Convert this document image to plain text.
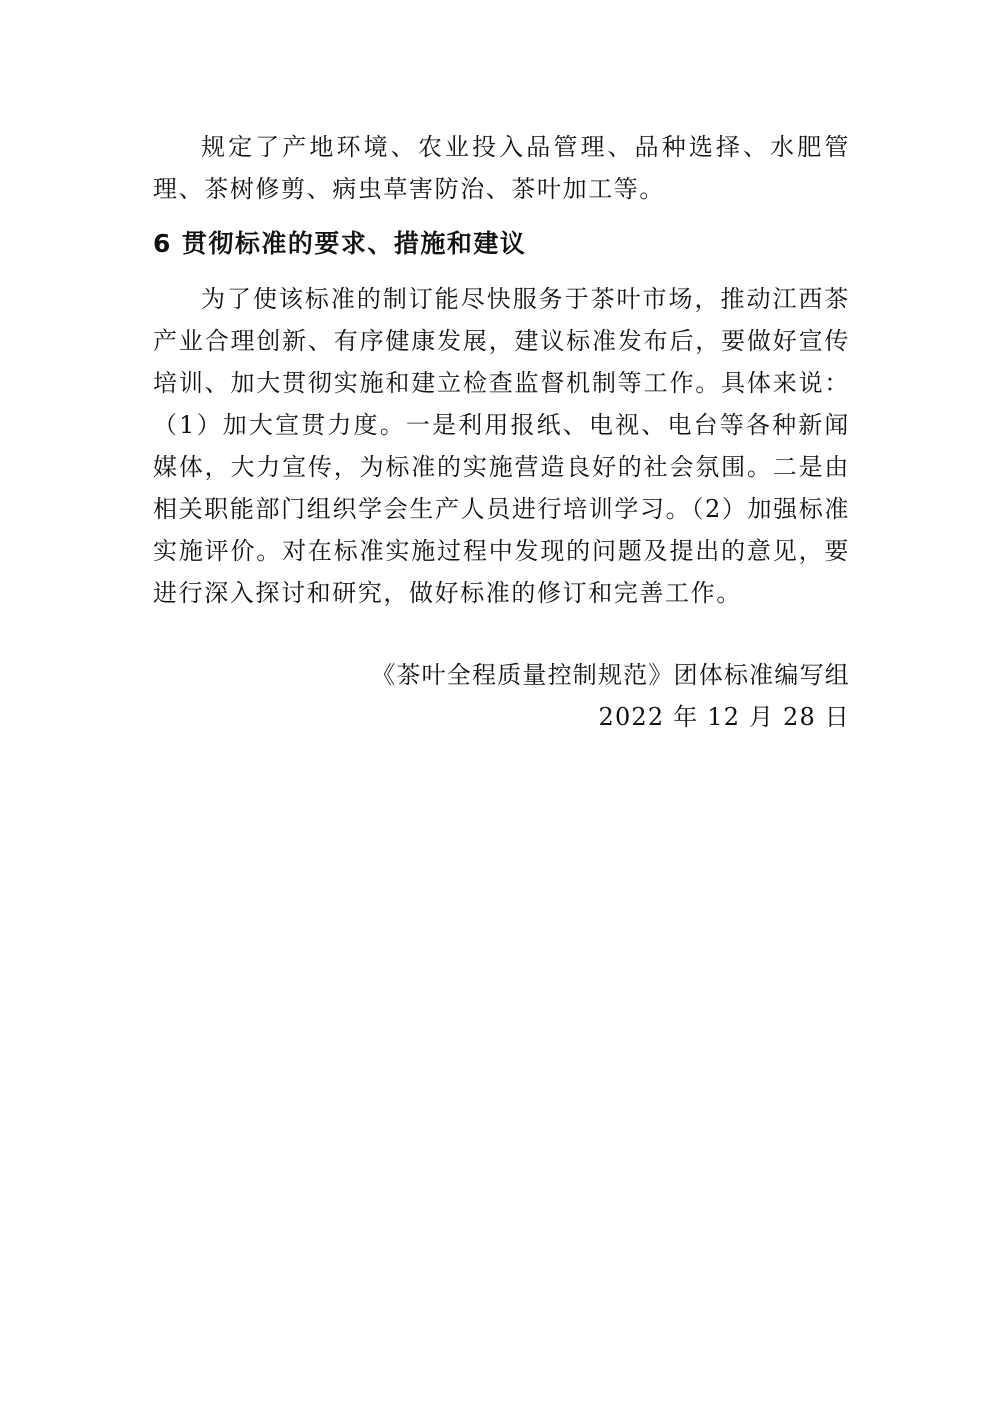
规定了产地环境、农业投入品管理、品种选择、水肥管理、茶树修剪、病虫草害防治、茶叶加工等。

6 贯彻标准的要求、措施和建议

为了使该标准的制订能尽快服务于茶叶市场，推动江西茶产业合理创新、有序健康发展，建议标准发布后，要做好宣传培训、加大贯彻实施和建立检查监督机制等工作。具体来说：（1）加大宣贯力度。一是利用报纸、电视、电台等各种新闻媒体，大力宣传，为标准的实施营造良好的社会氛围。二是由相关职能部门组织学会生产人员进行培训学习。（2）加强标准实施评价。对在标准实施过程中发现的问题及提出的意见，要进行深入探讨和研究，做好标准的修订和完善工作。

《茶叶全程质量控制规范》团体标准编写组
2022 年 12 月 28 日
